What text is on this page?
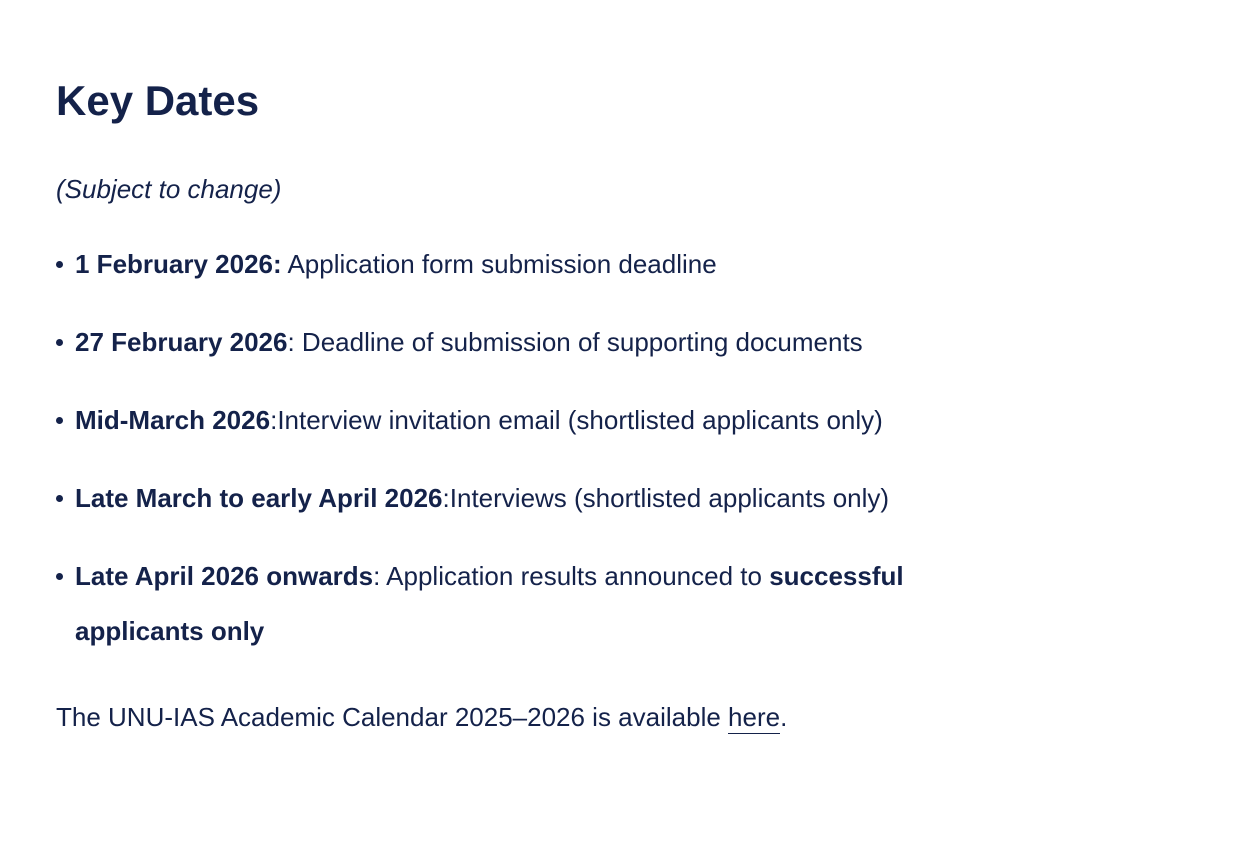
Key Dates

(Subject to change)

1 February 2026: Application form submission deadline
27 February 2026: Deadline of submission of supporting documents
Mid-March 2026:Interview invitation email (shortlisted applicants only)
Late March to early April 2026:Interviews (shortlisted applicants only)
Late April 2026 onwards: Application results announced to successful applicants only

The UNU-IAS Academic Calendar 2025–2026 is available here.
